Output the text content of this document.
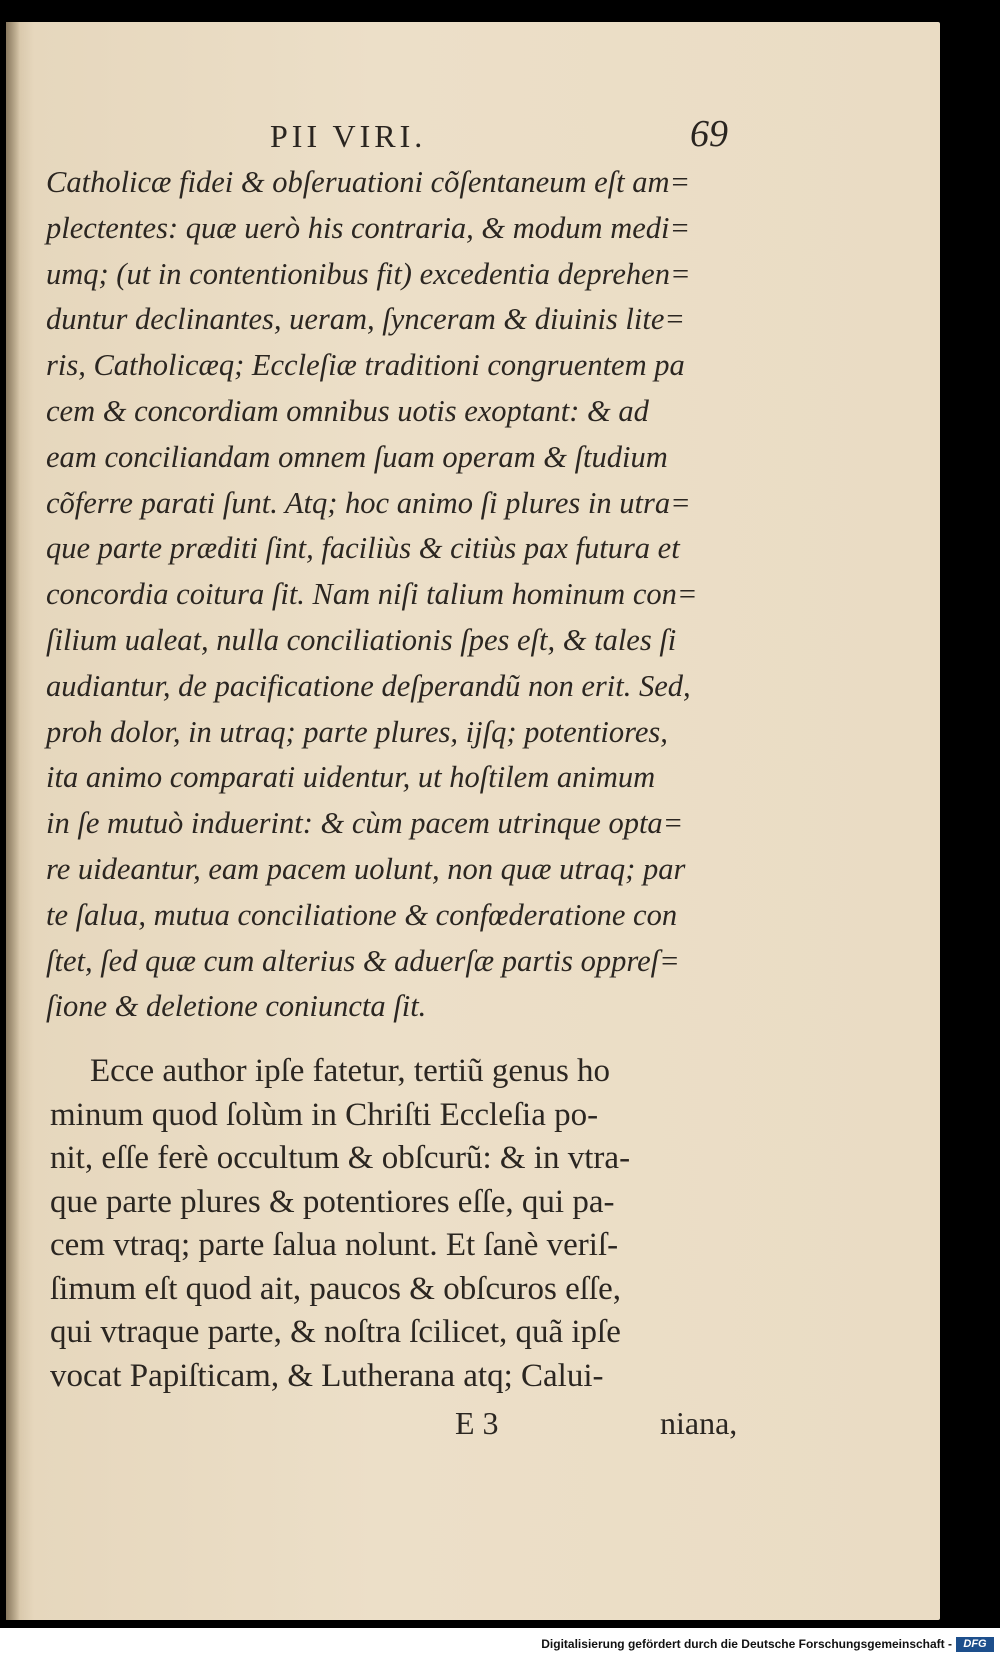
PII VIRI.	69
Catholicæ fidei & obſeruationi cõſentaneum eſt am=
plectentes: quæ uerò his contraria, & modum medi=
umq; (ut in contentionibus fit) excedentia deprehen=
duntur declinantes, ueram, ſynceram & diuinis lite=
ris, Catholicæq; Eccleſiæ traditioni congruentem pa
cem & concordiam omnibus uotis exoptant: & ad
eam conciliandam omnem ſuam operam & ſtudium
cõferre parati ſunt. Atq; hoc animo ſi plures in utra=
que parte præditi ſint, faciliùs & citiùs pax futura et
concordia coitura ſit. Nam niſi talium hominum con=
ſilium ualeat, nulla conciliationis ſpes eſt, & tales ſi
audiantur, de pacificatione deſperandũ non erit. Sed,
proh dolor, in utraq; parte plures, ijſq; potentiores,
ita animo comparati uidentur, ut hoſtilem animum
in ſe mutuò induerint: & cùm pacem utrinque opta=
re uideantur, eam pacem uolunt, non quæ utraq; par
te ſalua, mutua conciliatione & confœderatione con
ſtet, ſed quæ cum alterius & aduerſæ partis oppreſ=
ſione & deletione coniuncta ſit.
Ecce author ipſe fatetur, tertiũ genus ho
minum quod ſolùm in Chriſti Eccleſia po-
nit, eſſe ferè occultum & obſcurũ: & in vtra-
que parte plures & potentiores eſſe, qui pa-
cem vtraq; parte ſalua nolunt. Et ſanè veriſ-
ſimum eſt quod ait, paucos & obſcuros eſſe,
qui vtraque parte, & noſtra ſcilicet, quã ipſe
vocat Papiſticam, & Lutherana atq; Calui-
E 3	niana,
Digitalisierung gefördert durch die Deutsche Forschungsgemeinschaft -	DFG
